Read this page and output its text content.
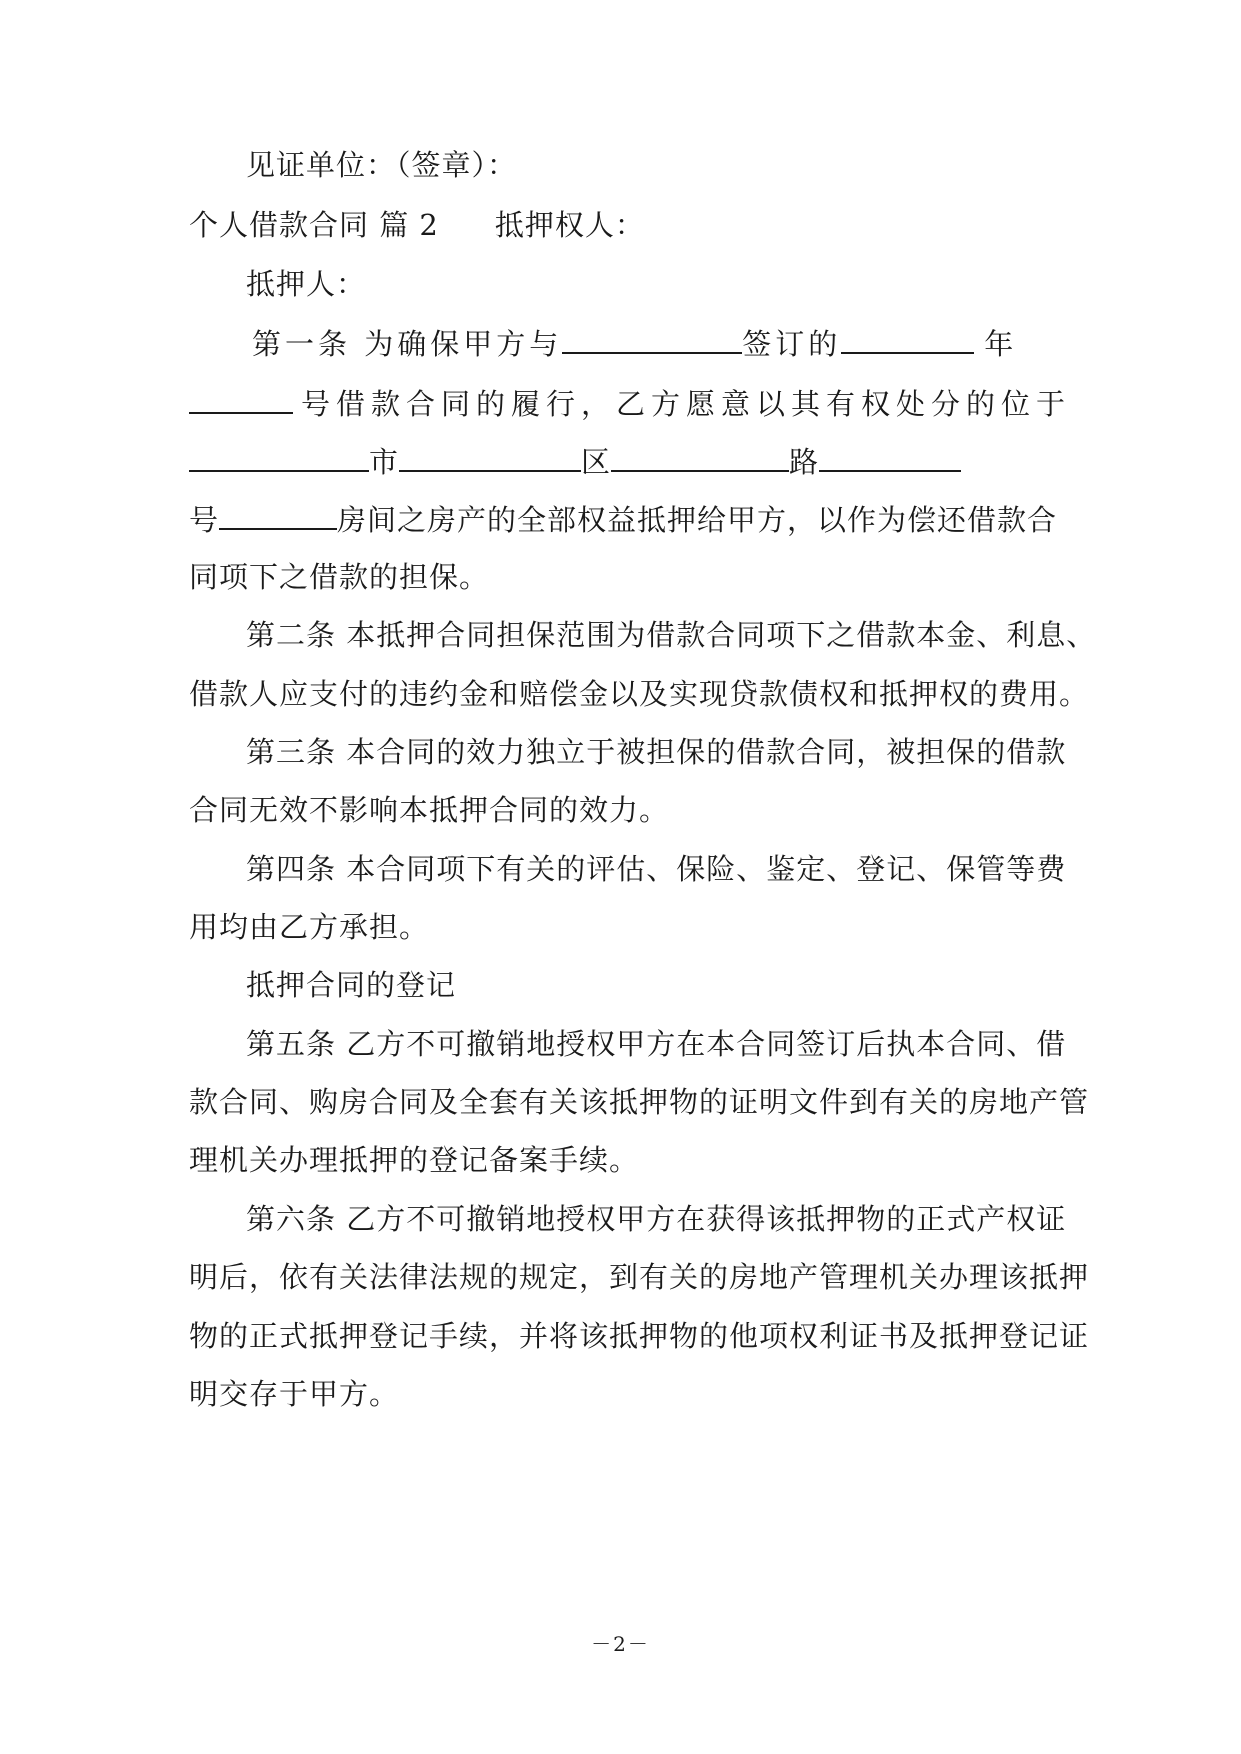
见证单位：（签章）：

个人借款合同 篇 2 抵押权人：

抵押人：

第一条 为确保甲方与	签订的	年

号借款合同的履行，乙方愿意以其有权处分的位于

市	区	路

号	房间之房产的全部权益抵押给甲方，以作为偿还借款合

同项下之借款的担保。

第二条 本抵押合同担保范围为借款合同项下之借款本金、利息、

借款人应支付的违约金和赔偿金以及实现贷款债权和抵押权的费用。

第三条 本合同的效力独立于被担保的借款合同，被担保的借款

合同无效不影响本抵押合同的效力。

第四条 本合同项下有关的评估、保险、鉴定、登记、保管等费

用均由乙方承担。

抵押合同的登记

第五条 乙方不可撤销地授权甲方在本合同签订后执本合同、借

款合同、购房合同及全套有关该抵押物的证明文件到有关的房地产管

理机关办理抵押的登记备案手续。

第六条 乙方不可撤销地授权甲方在获得该抵押物的正式产权证

明后，依有关法律法规的规定，到有关的房地产管理机关办理该抵押

物的正式抵押登记手续，并将该抵押物的他项权利证书及抵押登记证

明交存于甲方。

－2－
